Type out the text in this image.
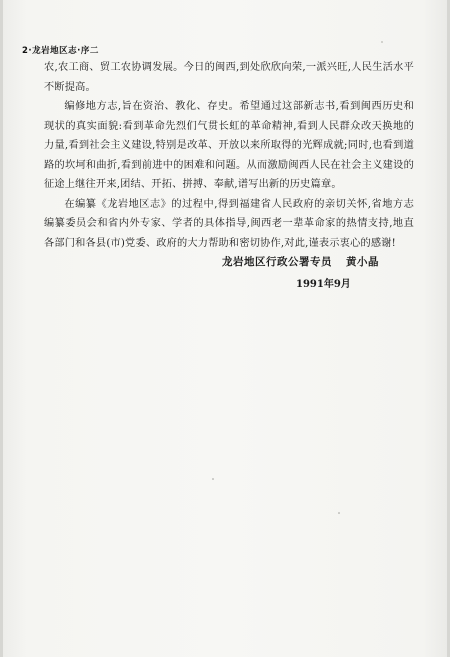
2·龙岩地区志·序二

农,农工商、贸工农协调发展。今日的闽西,到处欣欣向荣,一派兴旺,人民生活水平不断提高。

编修地方志,旨在资治、教化、存史。希望通过这部新志书,看到闽西历史和现状的真实面貌:看到革命先烈们气贯长虹的革命精神,看到人民群众改天换地的力量,看到社会主义建设,特别是改革、开放以来所取得的光辉成就;同时,也看到道路的坎坷和曲折,看到前进中的困难和问题。从而激励闽西人民在社会主义建设的征途上继往开来,团结、开拓、拼搏、奉献,谱写出新的历史篇章。

在编纂《龙岩地区志》的过程中,得到福建省人民政府的亲切关怀,省地方志编纂委员会和省内外专家、学者的具体指导,闽西老一辈革命家的热情支持,地直各部门和各县(市)党委、政府的大力帮助和密切协作,对此,谨表示衷心的感谢!

龙岩地区行政公署专员 黄小晶
1991年9月
